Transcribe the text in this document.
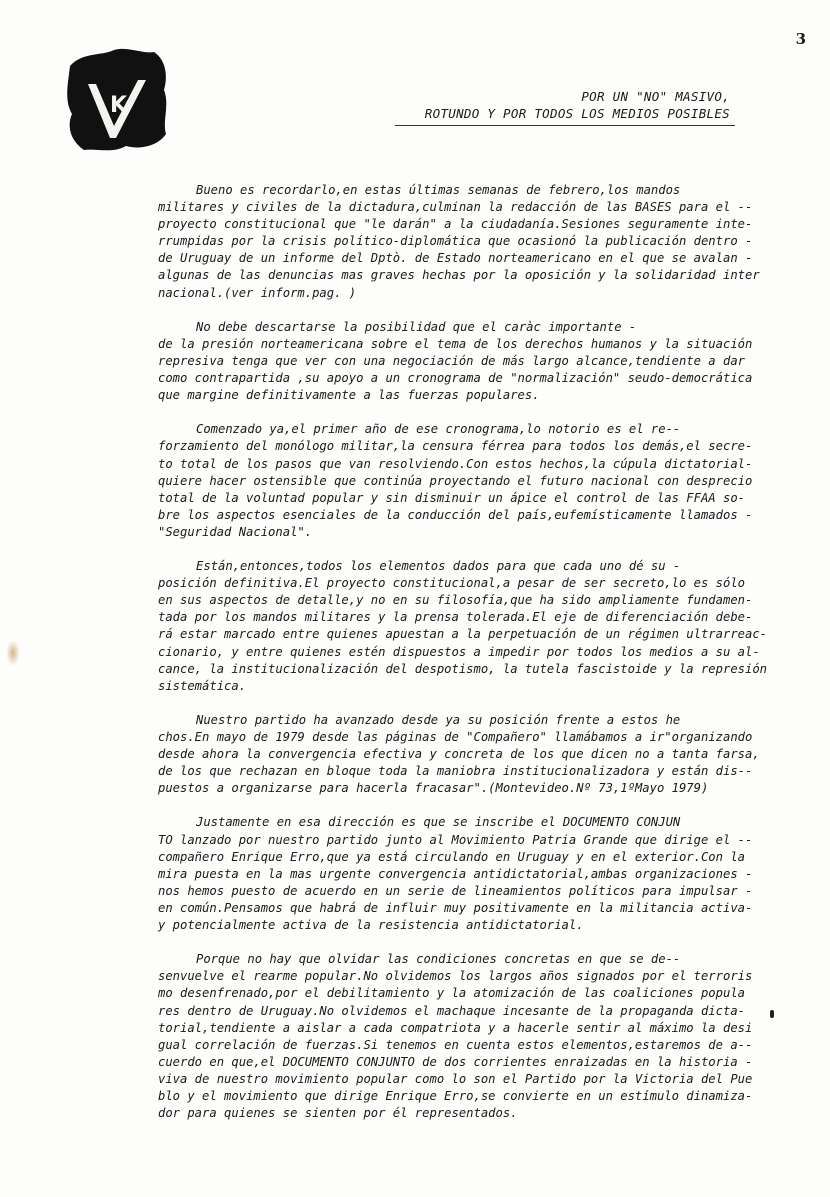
3
K	POR UN "NO" MASIVO,
ROTUNDO Y POR TODOS LOS MEDIOS POSIBLES
Bueno es recordarlo,en estas últimas semanas de febrero,los mandos
militares y civiles de la dictadura,culminan la redacción de las BASES para el --
proyecto constitucional que "le darán" a la ciudadanía.Sesiones seguramente inte-
rrumpidas por la crisis político-diplomática que ocasionó la publicación dentro -
de Uruguay de un informe del Dptò. de Estado norteamericano en el que se avalan -
algunas de las denuncias mas graves hechas por la oposición y la solidaridad inter
nacional.(ver inform.pag. )
No debe descartarse la posibilidad que el caràc importante -
de la presión norteamericana sobre el tema de los derechos humanos y la situación
represiva tenga que ver con una negociación de más largo alcance,tendiente a dar
como contrapartida ,su apoyo a un cronograma de "normalización" seudo-democrática
que margine definitivamente a las fuerzas populares.
Comenzado ya,el primer año de ese cronograma,lo notorio es el re--
forzamiento del monólogo militar,la censura férrea para todos los demás,el secre-
to total de los pasos que van resolviendo.Con estos hechos,la cúpula dictatorial-
quiere hacer ostensible que continúa proyectando el futuro nacional con desprecio
total de la voluntad popular y sin disminuir un ápice el control de las FFAA so-
bre los aspectos esenciales de la conducción del país,eufemísticamente llamados -
"Seguridad Nacional".
Están,entonces,todos los elementos dados para que cada uno dé su -
posición definitiva.El proyecto constitucional,a pesar de ser secreto,lo es sólo
en sus aspectos de detalle,y no en su filosofía,que ha sido ampliamente fundamen-
tada por los mandos militares y la prensa tolerada.El eje de diferenciación debe-
rá estar marcado entre quienes apuestan a la perpetuación de un régimen ultrarreac-
cionario, y entre quienes estén dispuestos a impedir por todos los medios a su al-
cance, la institucionalización del despotismo, la tutela fascistoide y la represión
sistemática.
Nuestro partido ha avanzado desde ya su posición frente a estos he
chos.En mayo de 1979 desde las páginas de "Compañero" llamábamos a ir"organizando
desde ahora la convergencia efectiva y concreta de los que dicen no a tanta farsa,
de los que rechazan en bloque toda la maniobra institucionalizadora y están dis--
puestos a organizarse para hacerla fracasar".(Montevideo.Nº 73,1ºMayo 1979)
Justamente en esa dirección es que se inscribe el DOCUMENTO CONJUN
TO lanzado por nuestro partido junto al Movimiento Patria Grande que dirige el --
compañero Enrique Erro,que ya está circulando en Uruguay y en el exterior.Con la
mira puesta en la mas urgente convergencia antidictatorial,ambas organizaciones -
nos hemos puesto de acuerdo en un serie de lineamientos políticos para impulsar -
en común.Pensamos que habrá de influir muy positivamente en la militancia activa-
y potencialmente activa de la resistencia antidictatorial.
Porque no hay que olvidar las condiciones concretas en que se de--
senvuelve el rearme popular.No olvidemos los largos años signados por el terroris
mo desenfrenado,por el debilitamiento y la atomización de las coaliciones popula
res dentro de Uruguay.No olvidemos el machaque incesante de la propaganda dicta-
torial,tendiente a aislar a cada compatriota y a hacerle sentir al máximo la desi
gual correlación de fuerzas.Si tenemos en cuenta estos elementos,estaremos de a--
cuerdo en que,el DOCUMENTO CONJUNTO de dos corrientes enraizadas en la historia -
viva de nuestro movimiento popular como lo son el Partido por la Victoria del Pue
blo y el movimiento que dirige Enrique Erro,se convierte en un estímulo dinamiza-
dor para quienes se sienten por él representados.
